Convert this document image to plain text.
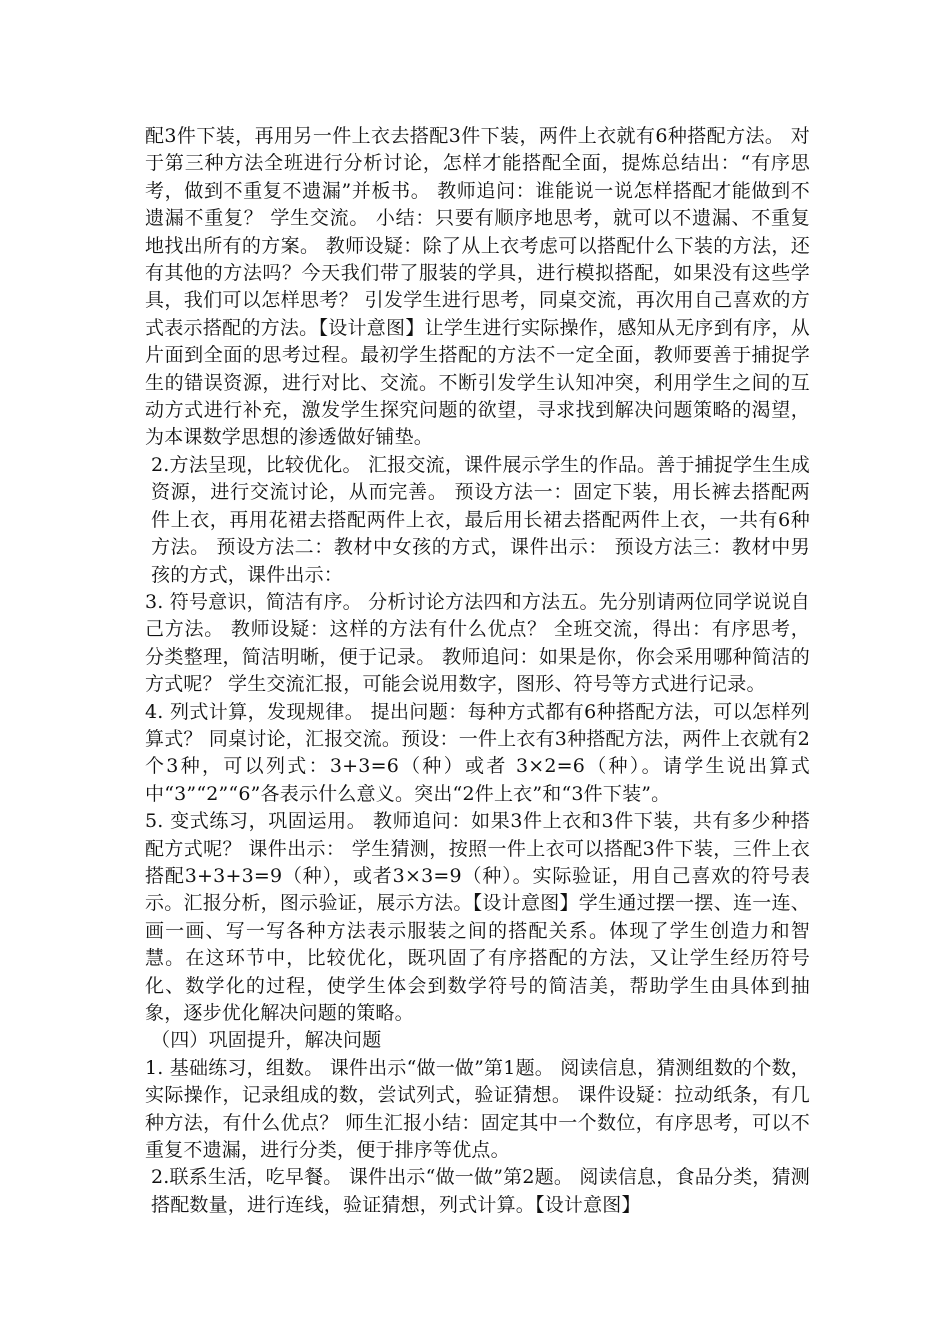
配3件下装，再用另一件上衣去搭配3件下装，两件上衣就有6种搭配方法。 对于第三种方法全班进行分析讨论，怎样才能搭配全面，提炼总结出：“有序思考，做到不重复不遗漏”并板书。 教师追问：谁能说一说怎样搭配才能做到不遗漏不重复？ 学生交流。 小结：只要有顺序地思考，就可以不遗漏、不重复地找出所有的方案。 教师设疑：除了从上衣考虑可以搭配什么下装的方法，还有其他的方法吗？今天我们带了服装的学具，进行模拟搭配，如果没有这些学具，我们可以怎样思考？ 引发学生进行思考，同桌交流，再次用自己喜欢的方式表示搭配的方法。【设计意图】让学生进行实际操作，感知从无序到有序，从片面到全面的思考过程。最初学生搭配的方法不一定全面，教师要善于捕捉学生的错误资源，进行对比、交流。不断引发学生认知冲突，利用学生之间的互动方式进行补充，激发学生探究问题的欲望，寻求找到解决问题策略的渴望，为本课数学思想的渗透做好铺垫。

2.方法呈现，比较优化。 汇报交流，课件展示学生的作品。善于捕捉学生生成资源，进行交流讨论，从而完善。 预设方法一：固定下装，用长裤去搭配两件上衣，再用花裙去搭配两件上衣，最后用长裙去搭配两件上衣，一共有6种方法。 预设方法二：教材中女孩的方式，课件出示： 预设方法三：教材中男孩的方式，课件出示：

3. 符号意识，简洁有序。 分析讨论方法四和方法五。先分别请两位同学说说自己方法。 教师设疑：这样的方法有什么优点？ 全班交流，得出：有序思考，分类整理，简洁明晰，便于记录。 教师追问：如果是你，你会采用哪种简洁的方式呢？ 学生交流汇报，可能会说用数字，图形、符号等方式进行记录。

4. 列式计算，发现规律。 提出问题：每种方式都有6种搭配方法，可以怎样列算式？ 同桌讨论，汇报交流。预设：一件上衣有3种搭配方法，两件上衣就有2个3种，可以列式：3+3=6（种）或者 3×2=6（种）。请学生说出算式中“3”“2”“6”各表示什么意义。突出“2件上衣”和“3件下装”。

5. 变式练习，巩固运用。 教师追问：如果3件上衣和3件下装，共有多少种搭配方式呢？ 课件出示： 学生猜测，按照一件上衣可以搭配3件下装，三件上衣搭配3+3+3=9（种），或者3×3=9（种）。实际验证，用自己喜欢的符号表示。汇报分析，图示验证，展示方法。【设计意图】学生通过摆一摆、连一连、画一画、写一写各种方法表示服装之间的搭配关系。体现了学生创造力和智慧。在这环节中，比较优化，既巩固了有序搭配的方法，又让学生经历符号化、数学化的过程，使学生体会到数学符号的简洁美，帮助学生由具体到抽象，逐步优化解决问题的策略。

（四）巩固提升，解决问题

1. 基础练习，组数。 课件出示“做一做”第1题。 阅读信息，猜测组数的个数，实际操作，记录组成的数，尝试列式，验证猜想。 课件设疑：拉动纸条，有几种方法，有什么优点？ 师生汇报小结：固定其中一个数位，有序思考，可以不重复不遗漏，进行分类，便于排序等优点。

2.联系生活，吃早餐。 课件出示“做一做”第2题。 阅读信息，食品分类，猜测搭配数量，进行连线，验证猜想，列式计算。【设计意图】
